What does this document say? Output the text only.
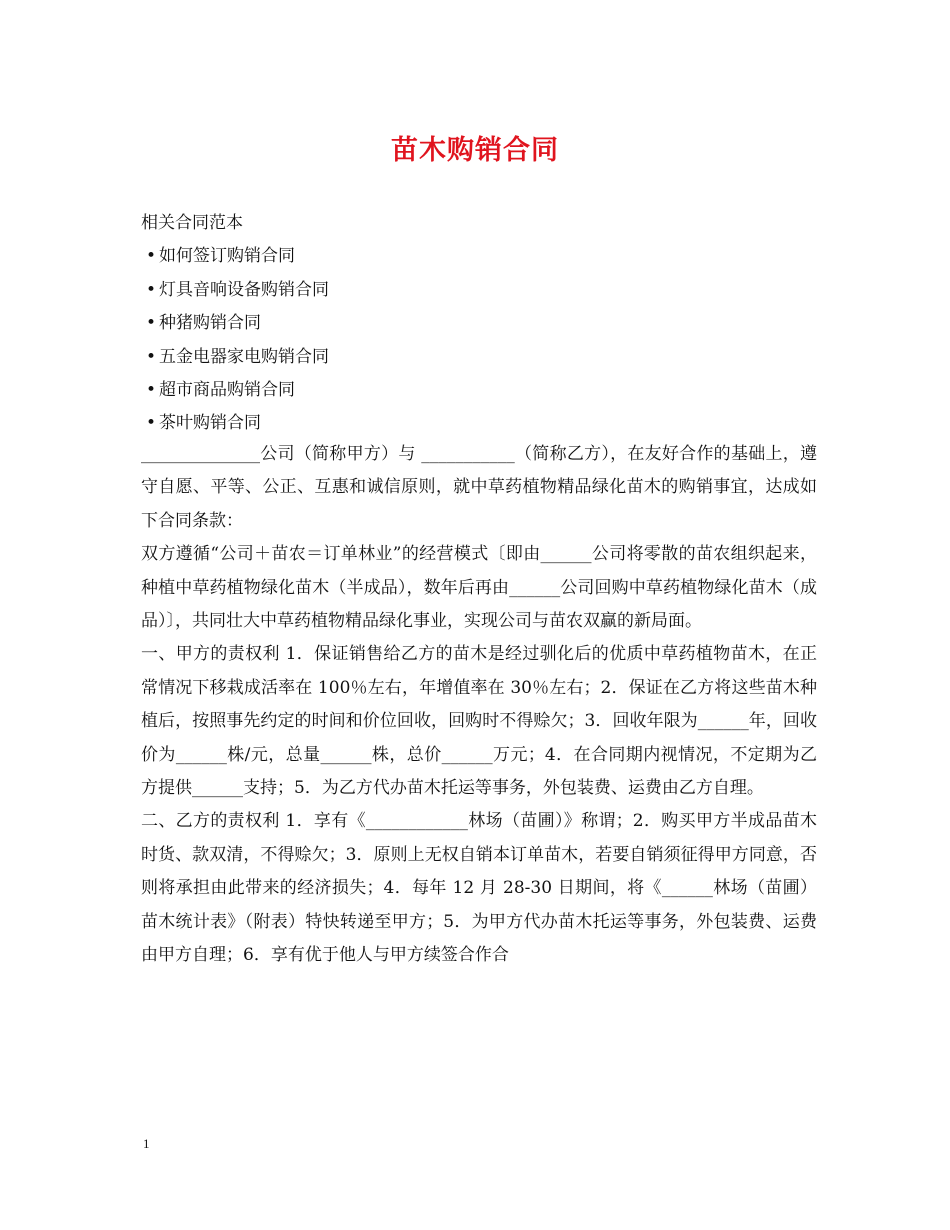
苗木购销合同
相关合同范本
• 如何签订购销合同
• 灯具音响设备购销合同
• 种猪购销合同
• 五金电器家电购销合同
• 超市商品购销合同
• 茶叶购销合同

______________公司（简称甲方）与 ___________（简称乙方），在友好合作的基础上，遵守自愿、平等、公正、互惠和诚信原则，就中草药植物精品绿化苗木的购销事宜，达成如下合同条款：

双方遵循“公司＋苗农＝订单林业”的经营模式〔即由______公司将零散的苗农组织起来，种植中草药植物绿化苗木（半成品），数年后再由______公司回购中草药植物绿化苗木（成品）〕，共同壮大中草药植物精品绿化事业，实现公司与苗农双赢的新局面。

一、甲方的责权利 1．保证销售给乙方的苗木是经过驯化后的优质中草药植物苗木，在正常情况下移栽成活率在 100％左右，年增值率在 30％左右；2．保证在乙方将这些苗木种植后，按照事先约定的时间和价位回收，回购时不得赊欠；3．回收年限为______年，回收价为______株/元，总量______株，总价______万元；4．在合同期内视情况，不定期为乙方提供______支持；5．为乙方代办苗木托运等事务，外包装费、运费由乙方自理。

二、乙方的责权利 1．享有《____________林场（苗圃）》称谓；2．购买甲方半成品苗木时货、款双清，不得赊欠；3．原则上无权自销本订单苗木，若要自销须征得甲方同意，否则将承担由此带来的经济损失；4．每年 12 月 28-30 日期间，将《______林场（苗圃）苗木统计表》（附表）特快转递至甲方；5．为甲方代办苗木托运等事务，外包装费、运费由甲方自理；6．享有优于他人与甲方续签合作合

1
